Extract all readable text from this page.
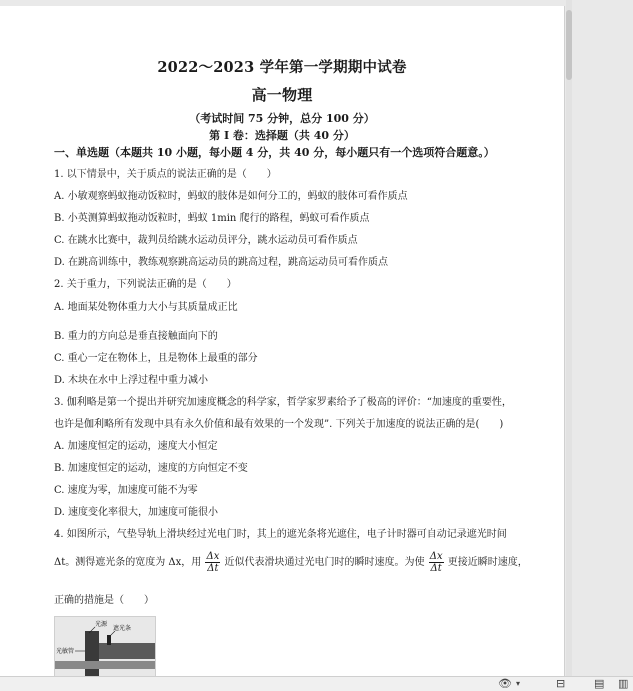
2022～2023 学年第一学期期中试卷
高一物理
（考试时间 75 分钟，总分 100 分）
第 I 卷：选择题（共 40 分）
一、单选题（本题共 10 小题，每小题 4 分，共 40 分，每小题只有一个选项符合题意。）
1. 以下情景中，关于质点的说法正确的是（　　）
A. 小敏观察蚂蚁拖动饭粒时，蚂蚁的肢体是如何分工的，蚂蚁的肢体可看作质点
B. 小英测算蚂蚁拖动饭粒时，蚂蚁 1min 爬行的路程，蚂蚁可看作质点
C. 在跳水比赛中，裁判员给跳水运动员评分，跳水运动员可看作质点
D. 在跳高训练中，教练观察跳高运动员的跳高过程，跳高运动员可看作质点
2. 关于重力，下列说法正确的是（　　）
A. 地面某处物体重力大小与其质量成正比
B. 重力的方向总是垂直接触面向下的
C. 重心一定在物体上，且是物体上最重的部分
D. 木块在水中上浮过程中重力减小
3. 伽利略是第一个提出并研究加速度概念的科学家，哲学家罗素给予了极高的评价：“加速度的重要性，
也许是伽利略所有发现中具有永久价值和最有效果的一个发现”. 下列关于加速度的说法正确的是(　　)
A. 加速度恒定的运动，速度大小恒定
B. 加速度恒定的运动，速度的方向恒定不变
C. 速度为零，加速度可能不为零
D. 速度变化率很大，加速度可能很小
4. 如图所示，气垫导轨上滑块经过光电门时，其上的遮光条将光遮住，电子计时器可自动记录遮光时间
Δt。测得遮光条的宽度为 Δx，用 $\frac{\Delta x}{\Delta t}$ 近似代表滑块通过光电门时的瞬时速度。为使 $\frac{\Delta x}{\Delta t}$ 更接近瞬时速度，
正确的措施是（　　）
光源
遮光条
光敏管
👁 ▾	⊟	▤ ▥
